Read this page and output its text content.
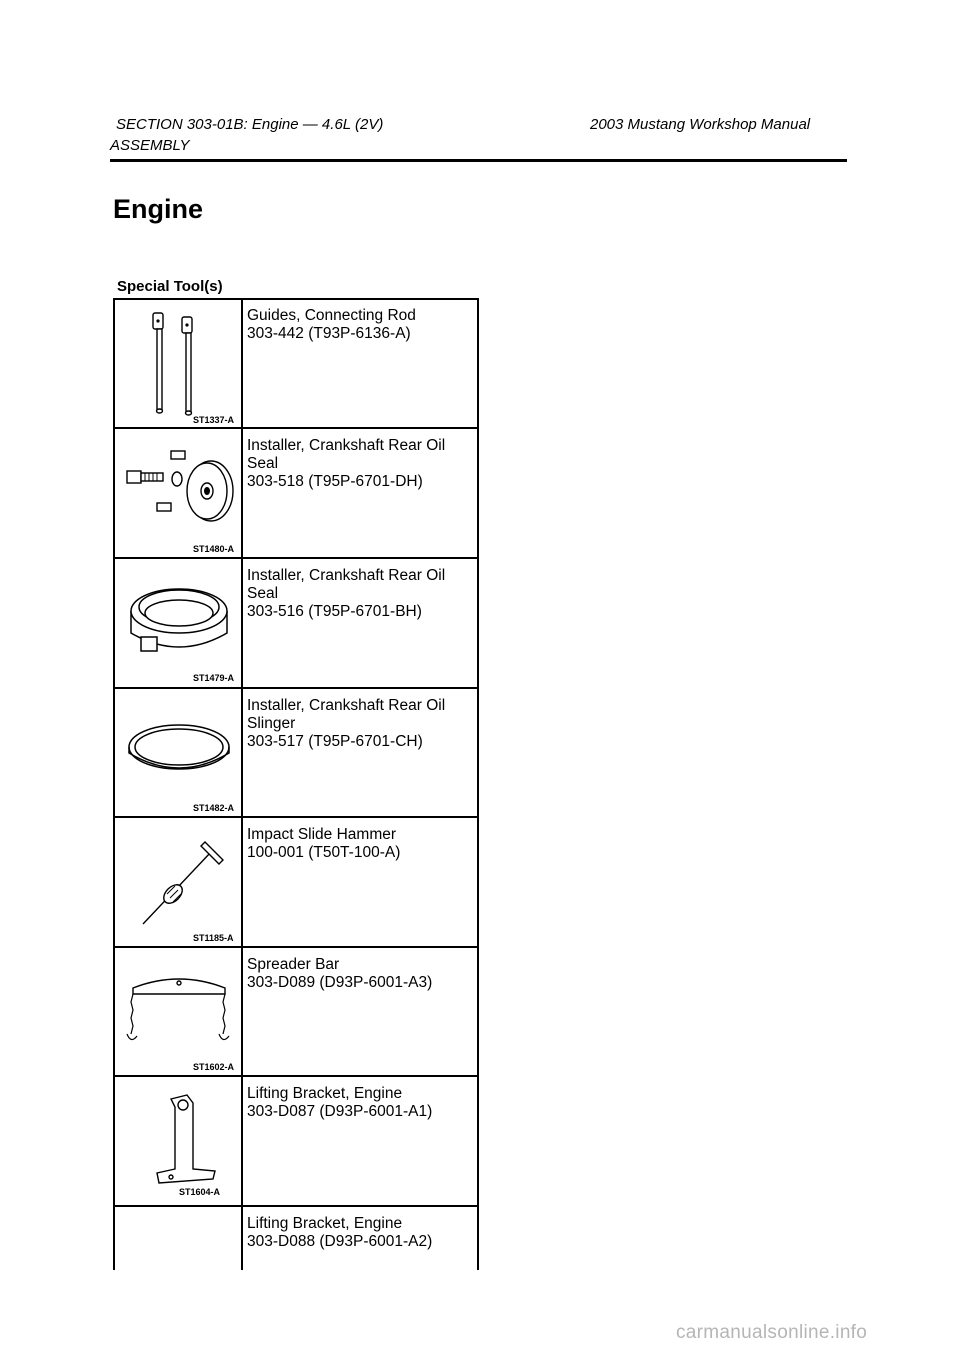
SECTION 303-01B: Engine — 4.6L (2V)	2003 Mustang Workshop Manual
ASSEMBLY
Engine
Special Tool(s)
ST1337-A
Guides, Connecting Rod
303-442 (T93P-6136-A)
ST1480-A
Installer, Crankshaft Rear Oil
Seal
303-518 (T95P-6701-DH)
ST1479-A
Installer, Crankshaft Rear Oil
Seal
303-516 (T95P-6701-BH)
ST1482-A
Installer, Crankshaft Rear Oil
Slinger
303-517 (T95P-6701-CH)
ST1185-A
Impact Slide Hammer
100-001 (T50T-100-A)
ST1602-A
Spreader Bar
303-D089 (D93P-6001-A3)
ST1604-A
Lifting Bracket, Engine
303-D087 (D93P-6001-A1)
Lifting Bracket, Engine
303-D088 (D93P-6001-A2)
carmanualsonline.info
